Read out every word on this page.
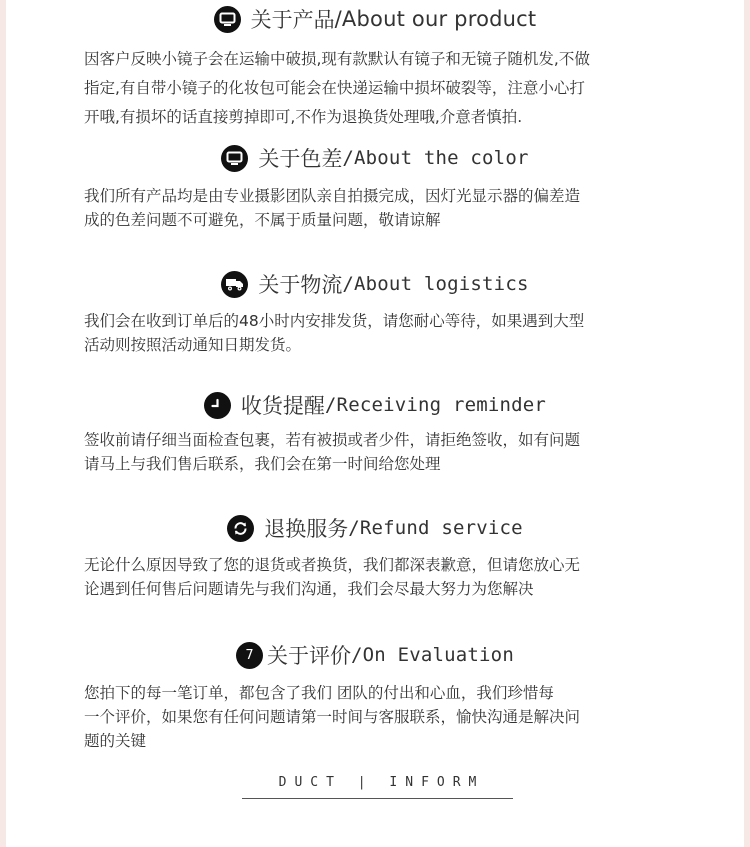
关于产品 /About our product
因客户反映小镜子会在运输中破损,现有款默认有镜子和无镜子随机发,不做
指定,有自带小镜子的化妆包可能会在快递运输中损坏破裂等，注意小心打
开哦,有损坏的话直接剪掉即可,不作为退换货处理哦,介意者慎拍.
关于色差 /About the color
我们所有产品均是由专业摄影团队亲自拍摄完成，因灯光显示器的偏差造
成的色差问题不可避免，不属于质量问题，敬请谅解
关于物流 /About logistics
我们会在收到订单后的48小时内安排发货，请您耐心等待，如果遇到大型
活动则按照活动通知日期发货。
收货提醒 /Receiving reminder
签收前请仔细当面检查包裹，若有被损或者少件，请拒绝签收，如有问题
请马上与我们售后联系，我们会在第一时间给您处理
退换服务 /Refund service
无论什么原因导致了您的退货或者换货，我们都深表歉意，但请您放心无
论遇到任何售后问题请先与我们沟通，我们会尽最大努力为您解决
7 关于评价 /On Evaluation
您拍下的每一笔订单，都包含了我们 团队的付出和心血，我们珍惜每
一个评价，如果您有任何问题请第一时间与客服联系，愉快沟通是解决问
题的关键
DUCT | INFORM
